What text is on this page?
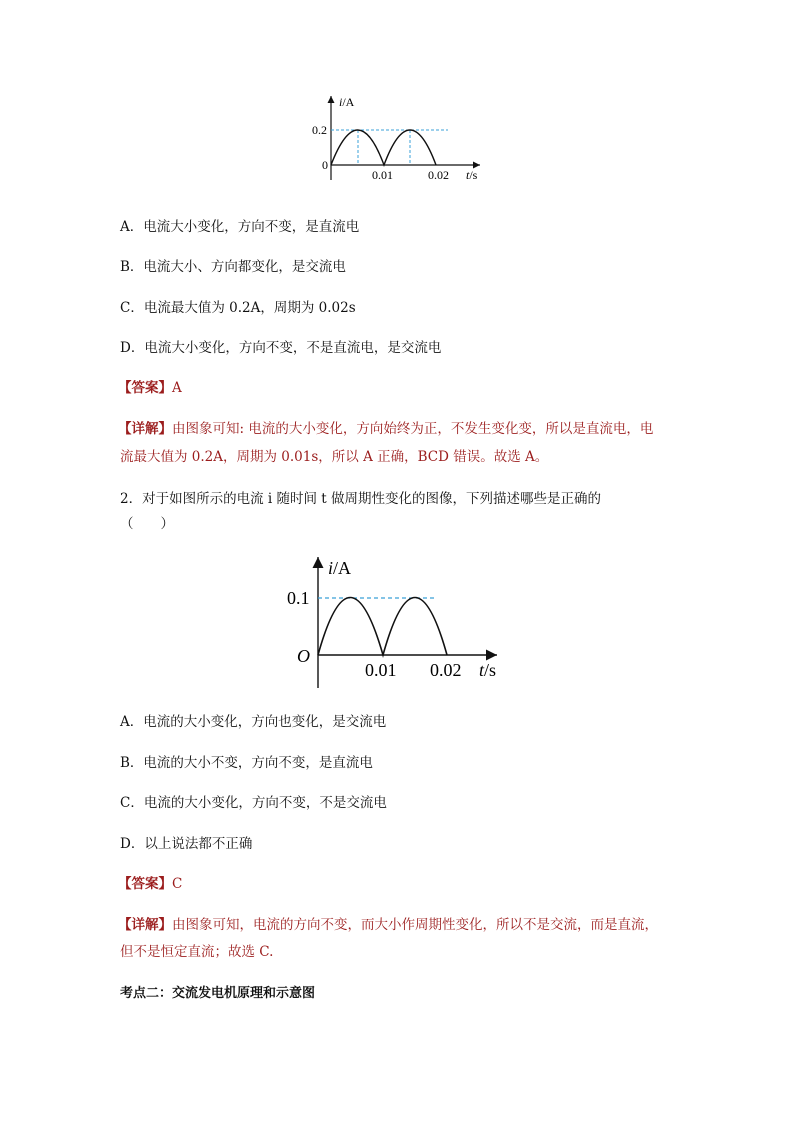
i/A
0.2
0
0.01	0.02 t/s
A．电流大小变化，方向不变，是直流电
B．电流大小、方向都变化，是交流电
C．电流最大值为 0.2A，周期为 0.02s
D．电流大小变化，方向不变，不是直流电，是交流电
【答案】A
【详解】由图象可知: 电流的大小变化，方向始终为正，不发生变化变，所以是直流电，电
流最大值为 0.2A，周期为 0.01s，所以 A 正确，BCD 错误。故选 A。
2．对于如图所示的电流 i 随时间 t 做周期性变化的图像，下列描述哪些是正确的
（　　）
i/A
0.1
O
0.01 0.02 t/s
A．电流的大小变化，方向也变化，是交流电
B．电流的大小不变，方向不变，是直流电
C．电流的大小变化，方向不变，不是交流电
D．以上说法都不正确
【答案】C
【详解】由图象可知，电流的方向不变，而大小作周期性变化，所以不是交流，而是直流，
但不是恒定直流；故选 C.
考点二：交流发电机原理和示意图
